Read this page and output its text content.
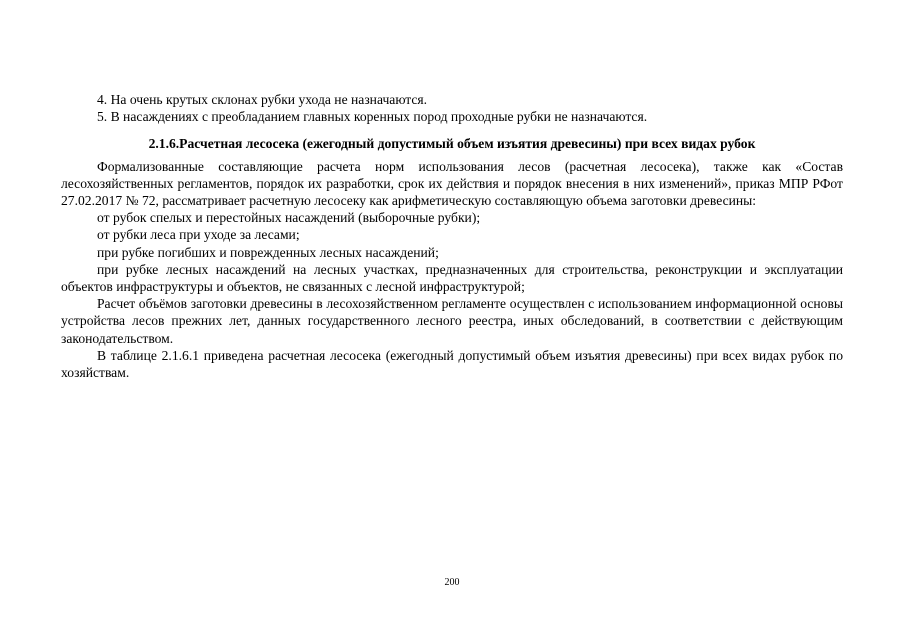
4. На очень крутых склонах рубки ухода не назначаются.

5. В насаждениях с преобладанием главных коренных пород проходные рубки не назначаются.

2.1.6.Расчетная лесосека (ежегодный допустимый объем изъятия древесины) при всех видах рубок

Формализованные составляющие расчета норм использования лесов (расчетная лесосека), также как «Состав лесохозяйственных регламентов, порядок их разработки, срок их действия и порядок внесения в них изменений», приказ МПР РФот 27.02.2017 № 72, рассматривает расчетную лесосеку как арифметическую составляющую объема заготовки древесины:

от рубок спелых и перестойных насаждений (выборочные рубки);

от рубки леса при уходе за лесами;

при рубке погибших и поврежденных лесных насаждений;

при рубке лесных насаждений на лесных участках, предназначенных для строительства, реконструкции и эксплуатации объектов инфраструктуры и объектов, не связанных с лесной инфраструктурой;

Расчет объёмов заготовки древесины в лесохозяйственном регламенте осуществлен с использованием информационной основы устройства лесов прежних лет, данных государственного лесного реестра, иных обследований, в соответствии с действующим законодательством.

В таблице 2.1.6.1 приведена расчетная лесосека (ежегодный допустимый объем изъятия древесины) при всех видах рубок по хозяйствам.

200
